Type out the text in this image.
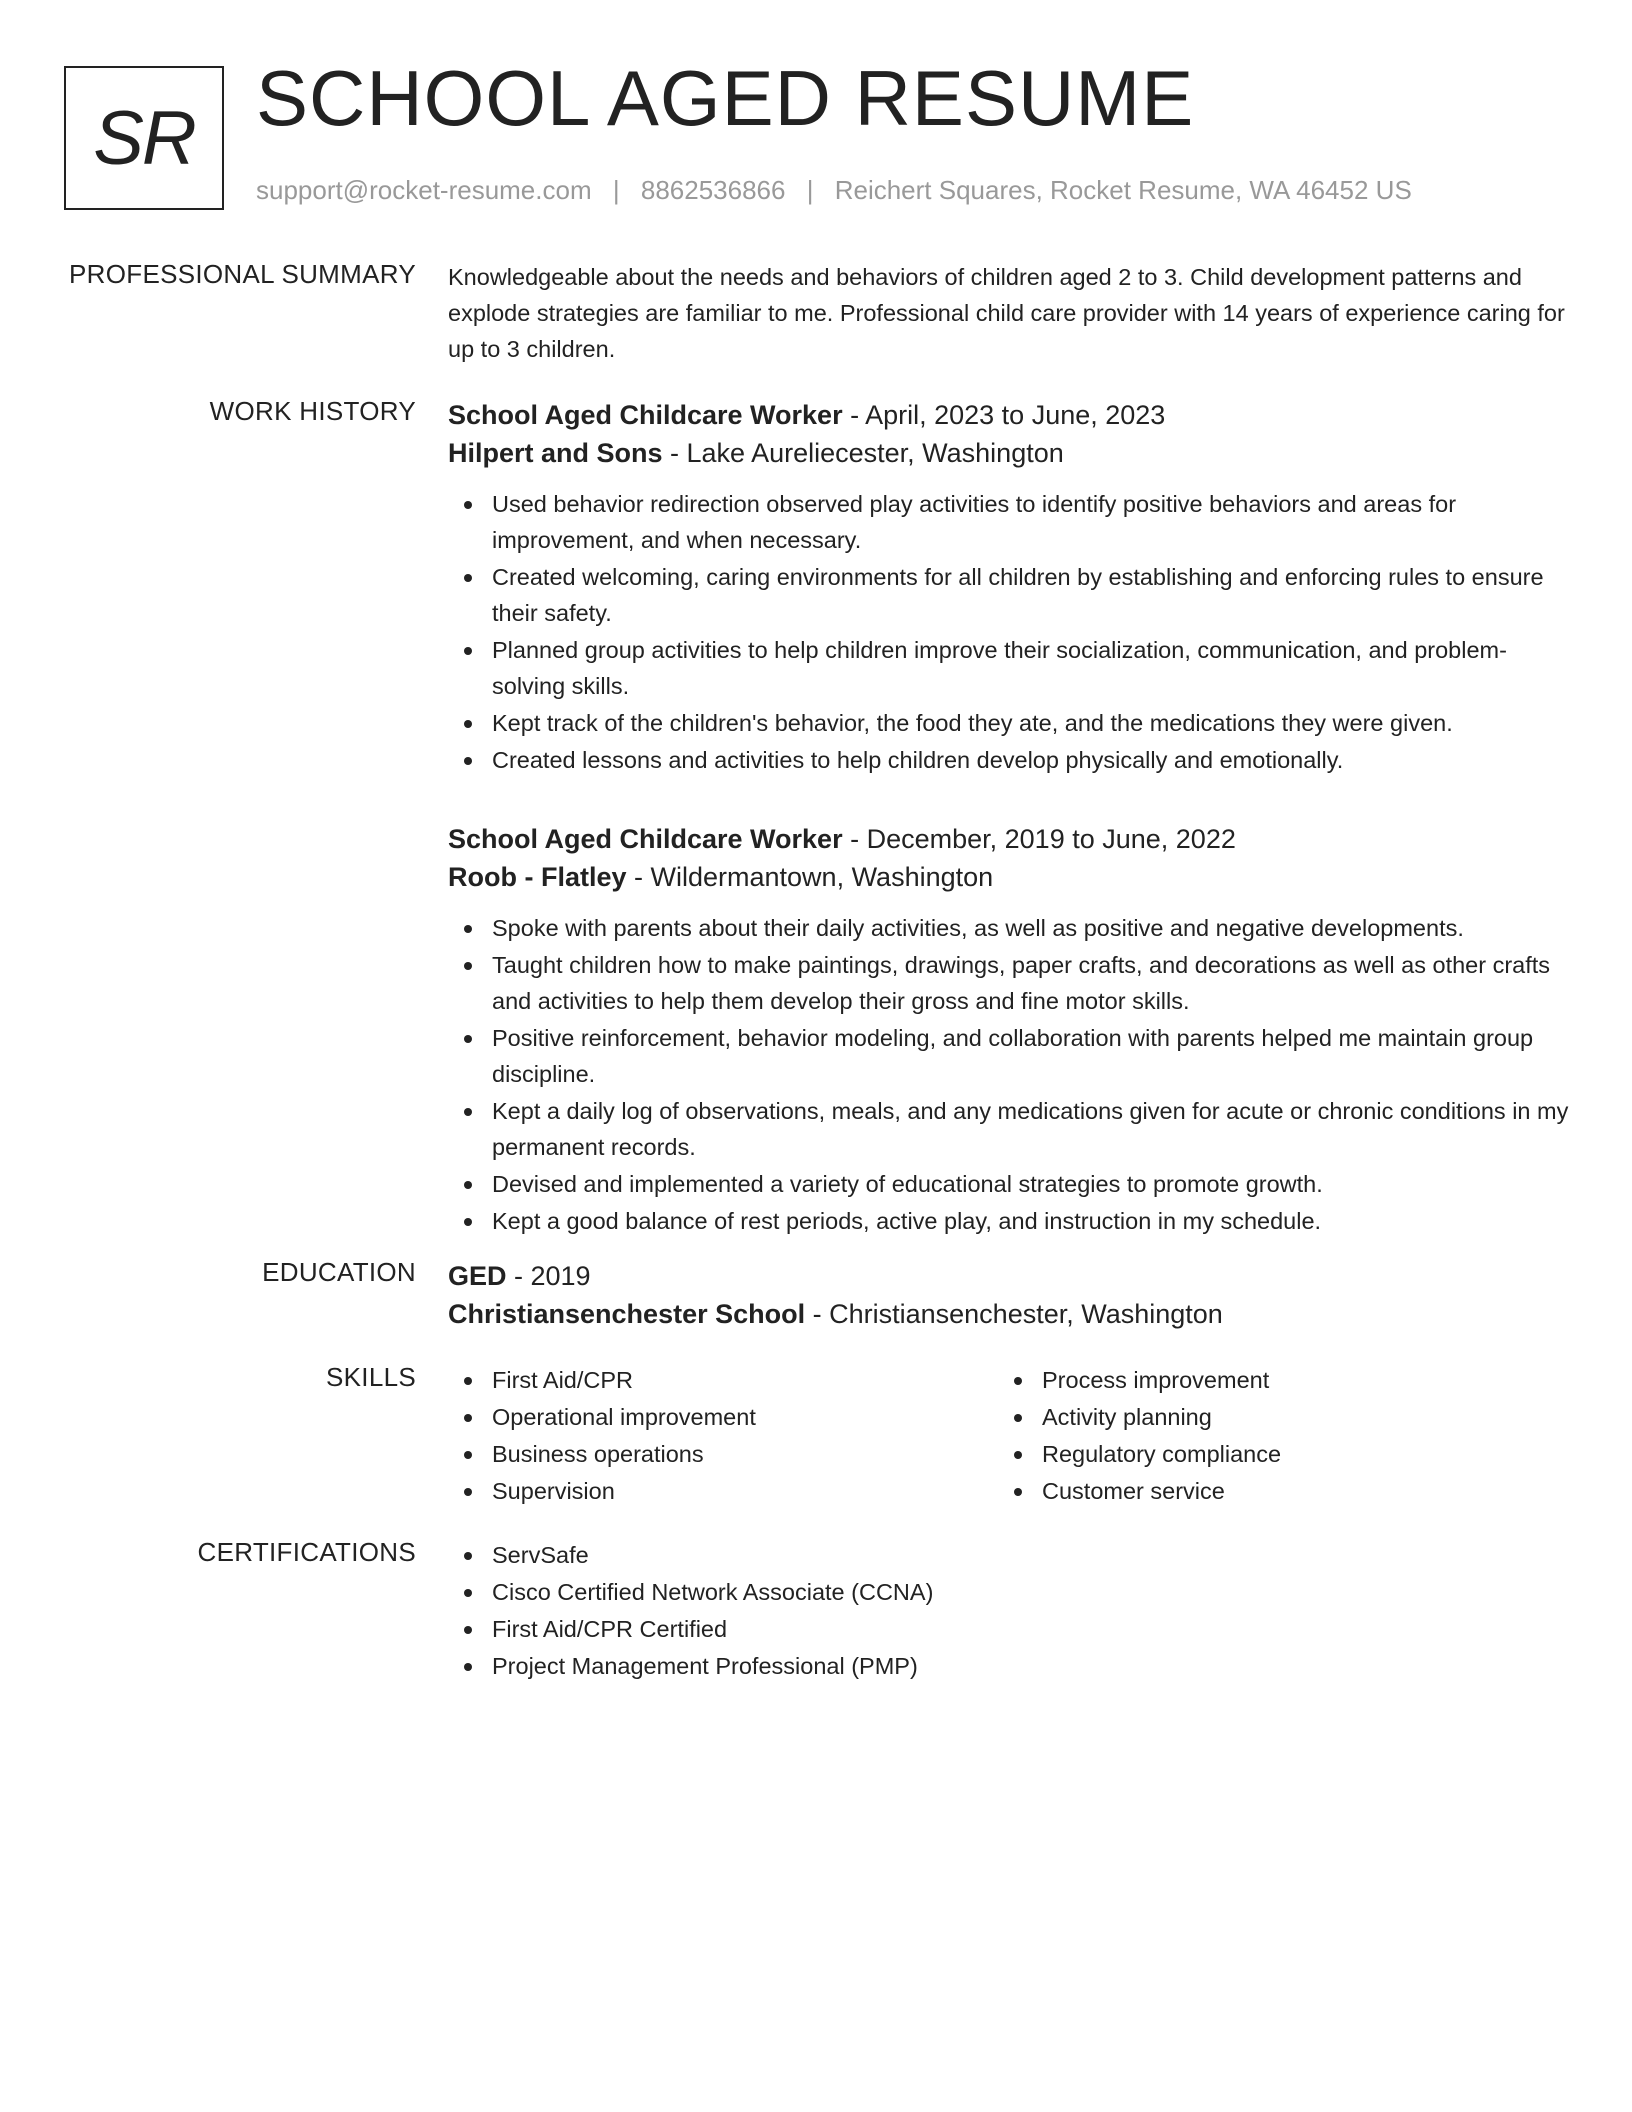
SR SCHOOL AGED RESUME
support@rocket-resume.com | 8862536866 | Reichert Squares, Rocket Resume, WA 46452 US
PROFESSIONAL SUMMARY Knowledgeable about the needs and behaviors of children aged 2 to 3. Child development patterns and explode strategies are familiar to me. Professional child care provider with 14 years of experience caring for up to 3 children.

WORK HISTORY School Aged Childcare Worker - April, 2023 to June, 2023
Hilpert and Sons - Lake Aureliecester, Washington
Used behavior redirection observed play activities to identify positive behaviors and areas for improvement, and when necessary.
Created welcoming, caring environments for all children by establishing and enforcing rules to ensure their safety.
Planned group activities to help children improve their socialization, communication, and problem-solving skills.
Kept track of the children's behavior, the food they ate, and the medications they were given.
Created lessons and activities to help children develop physically and emotionally.
School Aged Childcare Worker - December, 2019 to June, 2022
Roob - Flatley - Wildermantown, Washington
Spoke with parents about their daily activities, as well as positive and negative developments.
Taught children how to make paintings, drawings, paper crafts, and decorations as well as other crafts and activities to help them develop their gross and fine motor skills.
Positive reinforcement, behavior modeling, and collaboration with parents helped me maintain group discipline.
Kept a daily log of observations, meals, and any medications given for acute or chronic conditions in my permanent records.
Devised and implemented a variety of educational strategies to promote growth.
Kept a good balance of rest periods, active play, and instruction in my schedule.
EDUCATION GED - 2019
Christiansenchester School - Christiansenchester, Washington
SKILLS	First Aid/CPR
Operational improvement
Business operations
Supervision
Process improvement
Activity planning
Regulatory compliance
Customer service
CERTIFICATIONS	ServSafe
Cisco Certified Network Associate (CCNA)
First Aid/CPR Certified
Project Management Professional (PMP)
